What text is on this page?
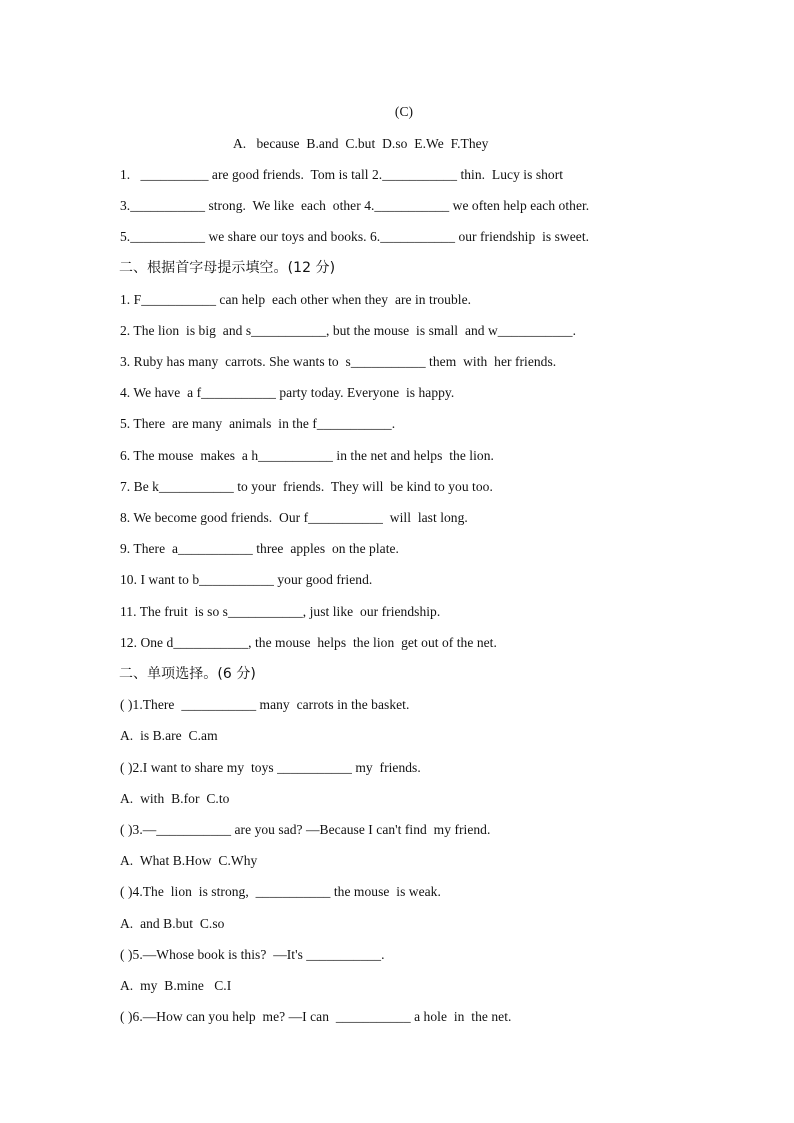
(C)
A.   because  B.and  C.but  D.so  E.We  F.They
1.   __________ are good friends.  Tom is tall 2.___________ thin.  Lucy is short
3.___________ strong.  We like  each  other 4.___________ we often help each other.
5.___________ we share our toys and books. 6.___________ our friendship  is sweet.
二、根据首字母提示填空。(12 分)
1. F___________ can help  each other when they  are in trouble.
2. The lion  is big  and s___________, but the mouse  is small  and w___________.
3. Ruby has many  carrots. She wants to  s___________ them  with  her friends.
4. We have  a f___________ party today. Everyone  is happy.
5. There  are many  animals  in the f___________.
6. The mouse  makes  a h___________ in the net and helps  the lion.
7. Be k___________ to your  friends.  They will  be kind to you too.
8. We become good friends.  Our f___________  will  last long.
9. There  a___________ three  apples  on the plate.
10. I want to b___________ your good friend.
11. The fruit  is so s___________, just like  our friendship.
12. One d___________, the mouse  helps  the lion  get out of the net.
二、单项选择。(6 分)
( )1.There  ___________ many  carrots in the basket.
A.  is B.are  C.am
( )2.I want to share my  toys ___________ my  friends.
A.  with  B.for  C.to
( )3.—___________ are you sad? —Because I can't find  my friend.
A.  What B.How  C.Why
( )4.The  lion  is strong,  ___________ the mouse  is weak.
A.  and B.but  C.so
( )5.—Whose book is this?  —It's ___________.
A.  my  B.mine   C.I
( )6.—How can you help  me? —I can  ___________ a hole  in  the net.
